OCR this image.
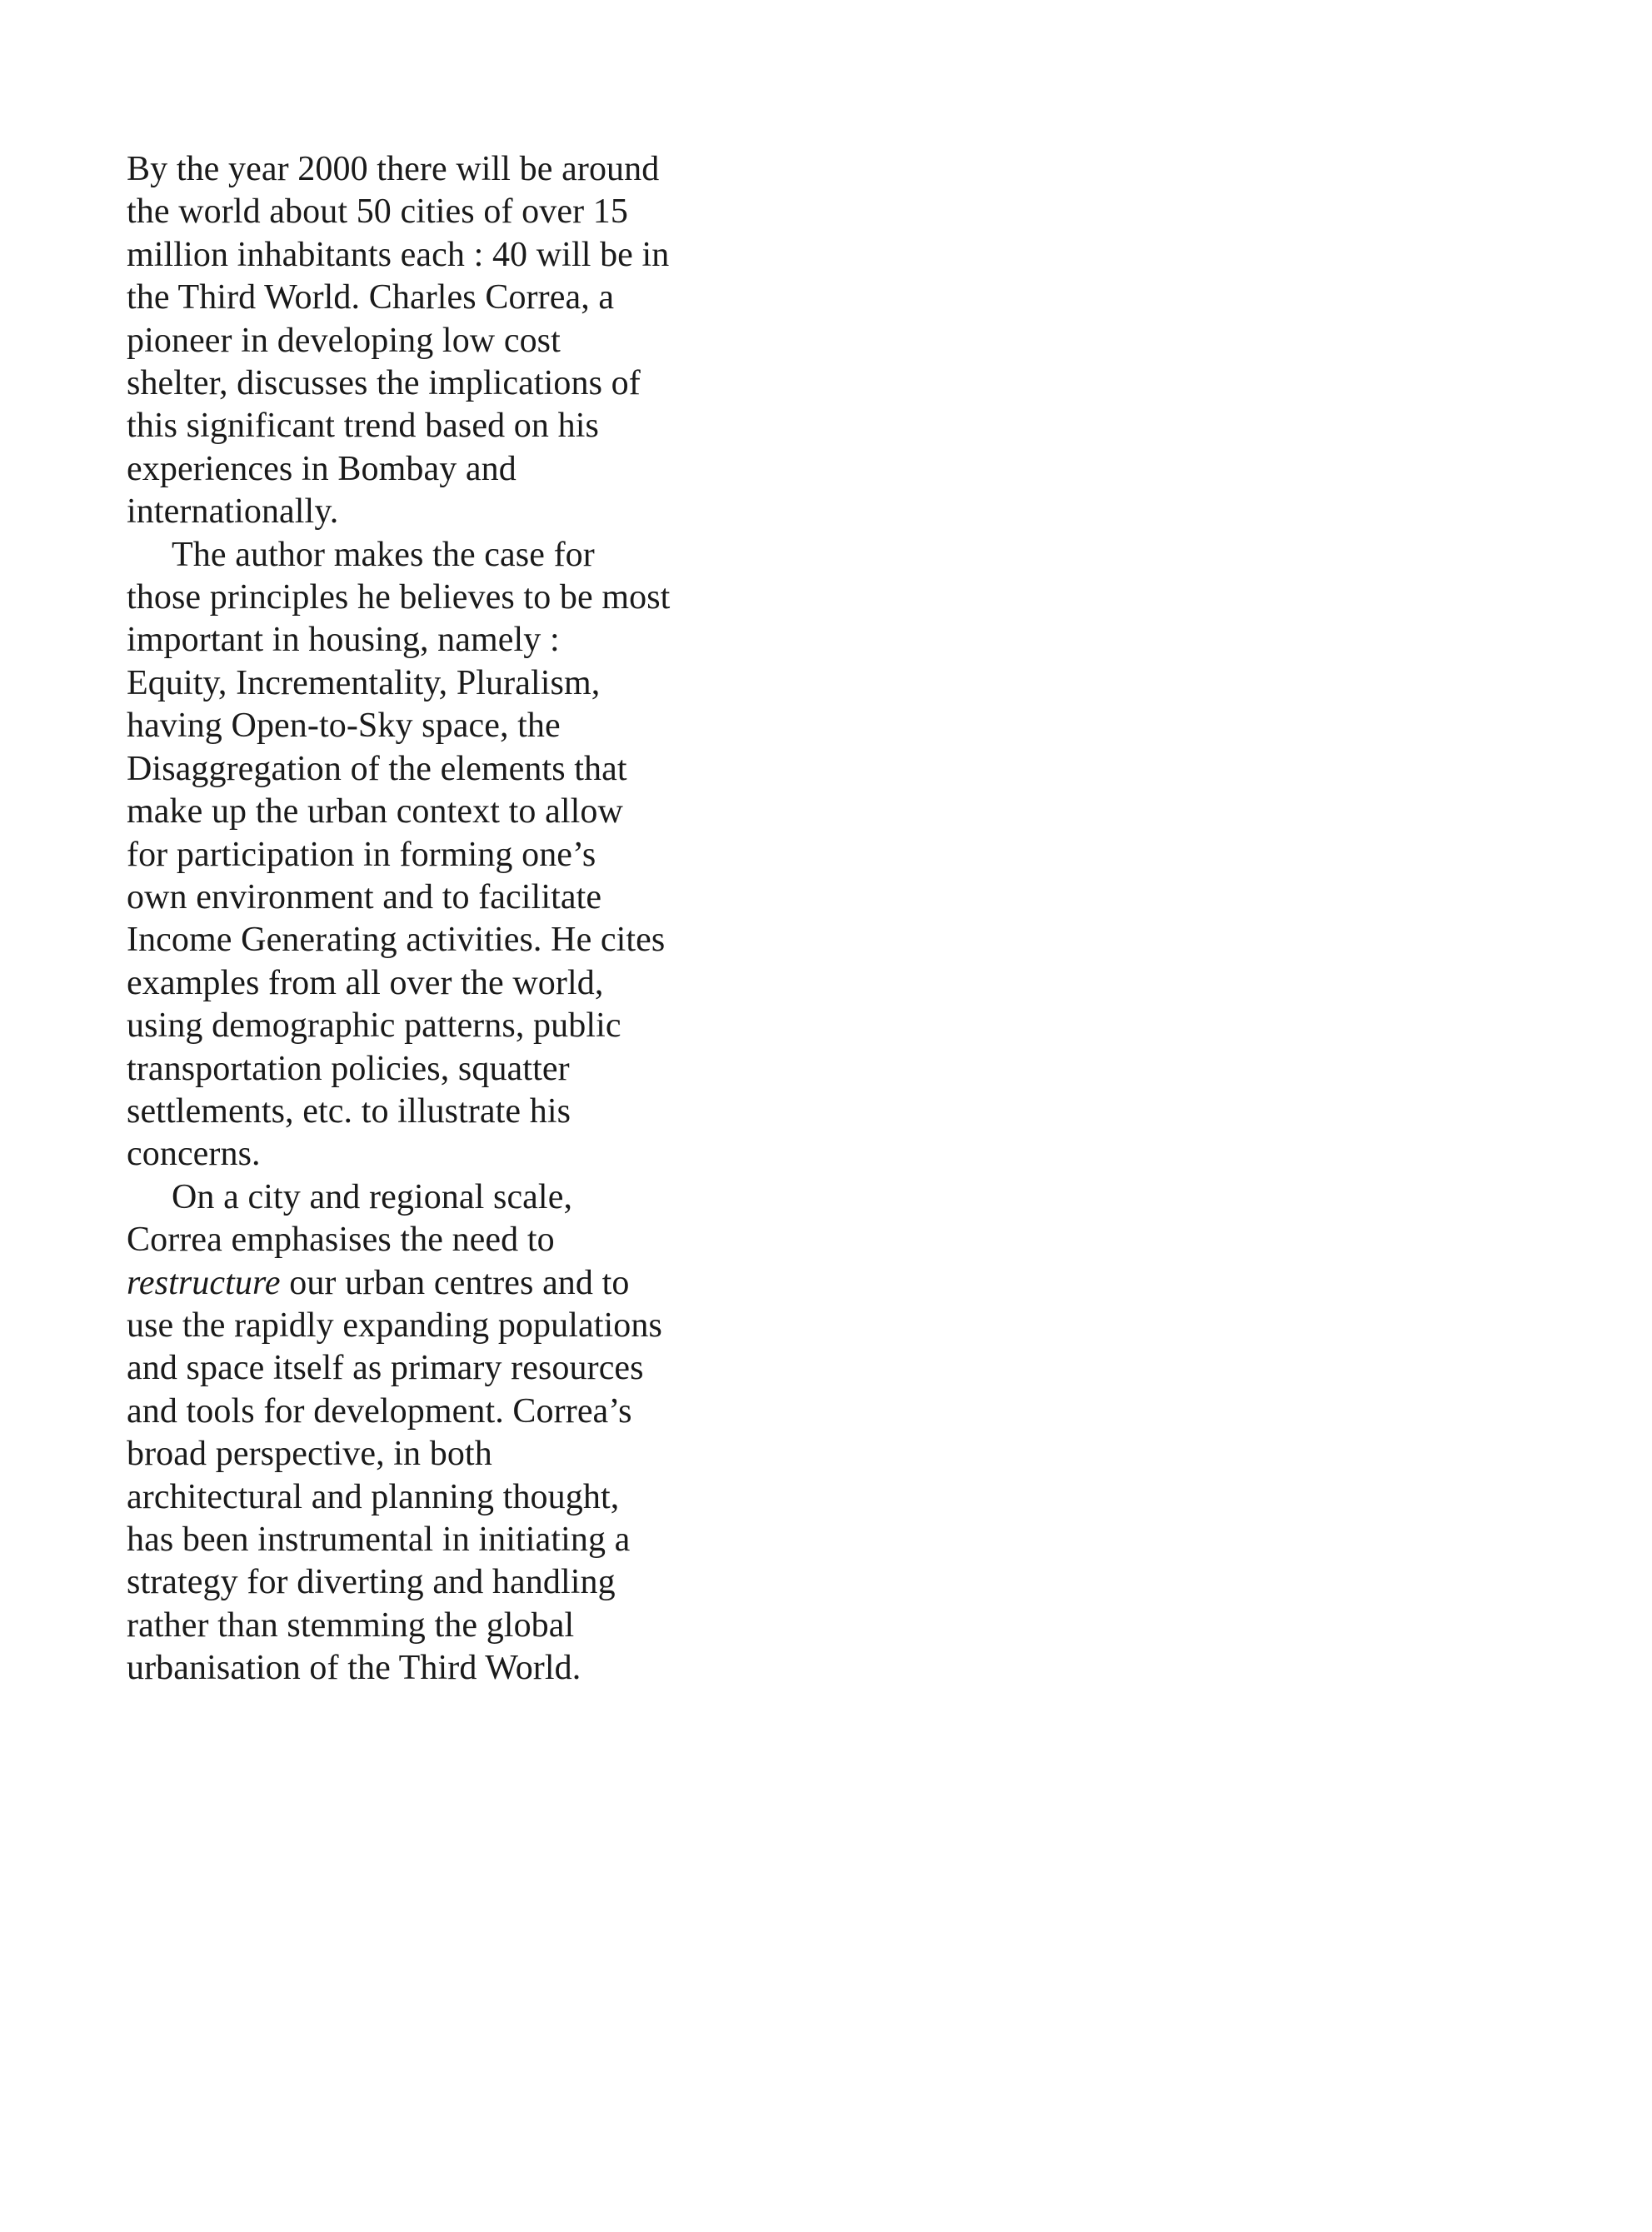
By the year 2000 there will be around
the world about 50 cities of over 15
million inhabitants each : 40 will be in
the Third World. Charles Correa, a
pioneer in developing low cost
shelter, discusses the implications of
this significant trend based on his
experiences in Bombay and
internationally.

The author makes the case for
those principles he believes to be most
important in housing, namely :
Equity, Incrementality, Pluralism,
having Open-to-Sky space, the
Disaggregation of the elements that
make up the urban context to allow
for participation in forming one’s
own environment and to facilitate
Income Generating activities. He cites
examples from all over the world,
using demographic patterns, public
transportation policies, squatter
settlements, etc. to illustrate his
concerns.

On a city and regional scale,
Correa emphasises the need to
restructure our urban centres and to
use the rapidly expanding populations
and space itself as primary resources
and tools for development. Correa’s
broad perspective, in both
architectural and planning thought,
has been instrumental in initiating a
strategy for diverting and handling
rather than stemming the global
urbanisation of the Third World.
